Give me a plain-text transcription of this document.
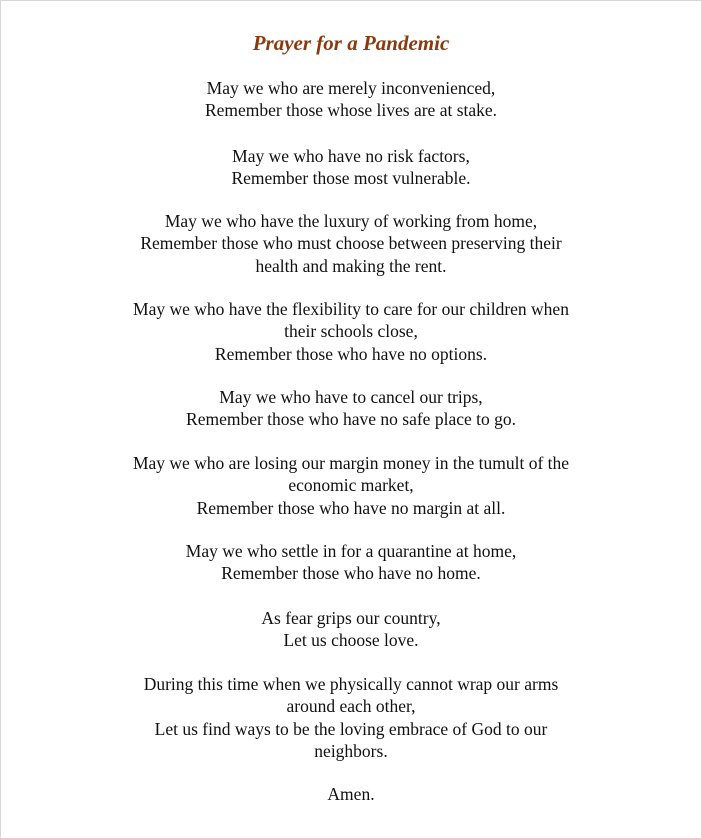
Prayer for a Pandemic
May we who are merely inconvenienced,
Remember those whose lives are at stake.
May we who have no risk factors,
Remember those most vulnerable.
May we who have the luxury of working from home,
Remember those who must choose between preserving their
health and making the rent.
May we who have the flexibility to care for our children when
their schools close,
Remember those who have no options.
May we who have to cancel our trips,
Remember those who have no safe place to go.
May we who are losing our margin money in the tumult of the
economic market,
Remember those who have no margin at all.
May we who settle in for a quarantine at home,
Remember those who have no home.
As fear grips our country,
Let us choose love.
During this time when we physically cannot wrap our arms
around each other,
Let us find ways to be the loving embrace of God to our
neighbors.
Amen.
